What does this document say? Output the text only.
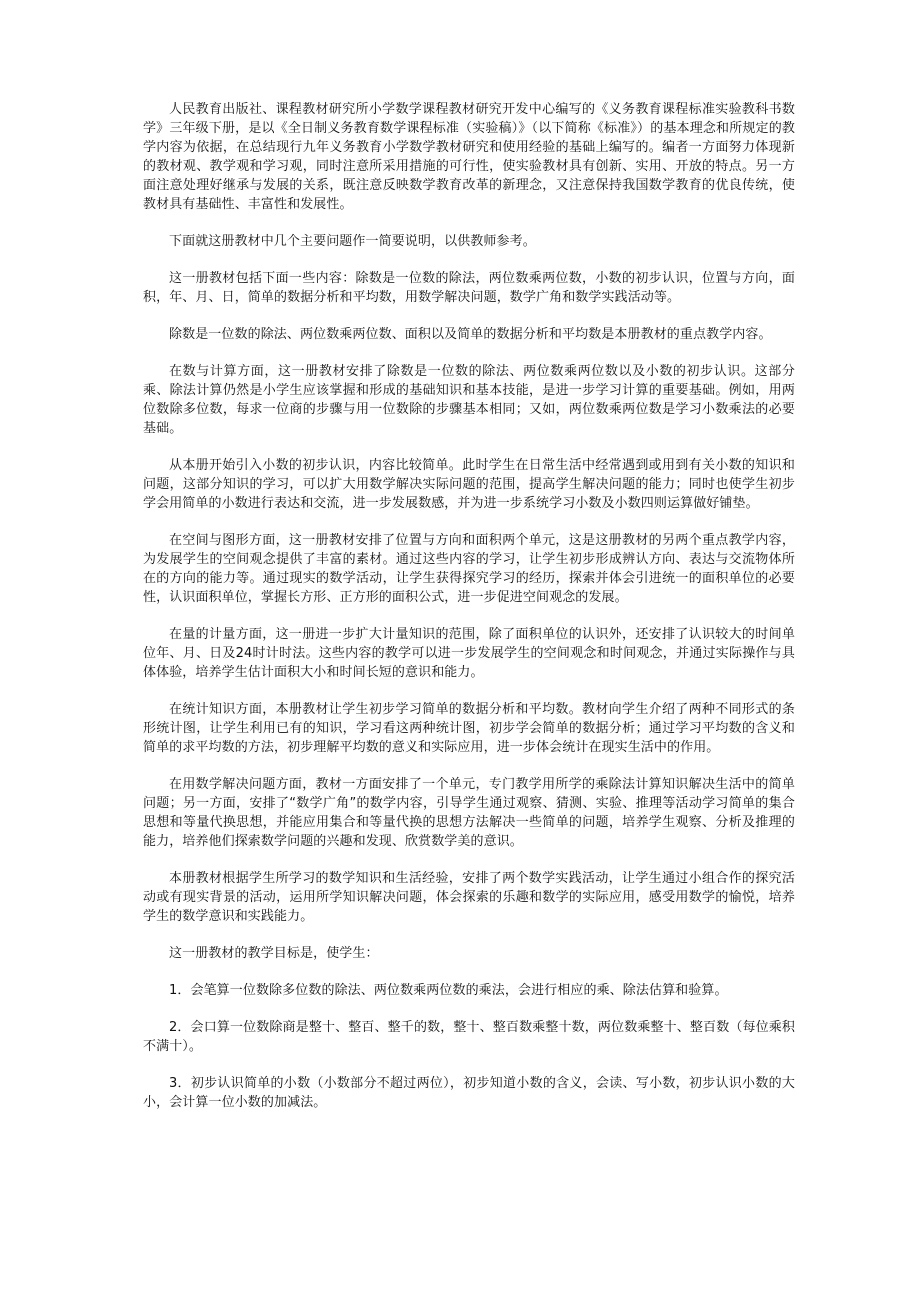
人民教育出版社、课程教材研究所小学数学课程教材研究开发中心编写的《义务教育课程标准实验教科书数学》三年级下册，是以《全日制义务教育数学课程标准（实验稿）》（以下简称《标准》）的基本理念和所规定的教学内容为依据，在总结现行九年义务教育小学数学教材研究和使用经验的基础上编写的。编者一方面努力体现新的教材观、教学观和学习观，同时注意所采用措施的可行性，使实验教材具有创新、实用、开放的特点。另一方面注意处理好继承与发展的关系，既注意反映数学教育改革的新理念，又注意保持我国数学教育的优良传统，使教材具有基础性、丰富性和发展性。

下面就这册教材中几个主要问题作一简要说明，以供教师参考。

这一册教材包括下面一些内容：除数是一位数的除法，两位数乘两位数，小数的初步认识，位置与方向，面积，年、月、日，简单的数据分析和平均数，用数学解决问题，数学广角和数学实践活动等。

除数是一位数的除法、两位数乘两位数、面积以及简单的数据分析和平均数是本册教材的重点教学内容。

在数与计算方面，这一册教材安排了除数是一位数的除法、两位数乘两位数以及小数的初步认识。这部分乘、除法计算仍然是小学生应该掌握和形成的基础知识和基本技能，是进一步学习计算的重要基础。例如，用两位数除多位数，每求一位商的步骤与用一位数除的步骤基本相同；又如，两位数乘两位数是学习小数乘法的必要基础。

从本册开始引入小数的初步认识，内容比较简单。此时学生在日常生活中经常遇到或用到有关小数的知识和问题，这部分知识的学习，可以扩大用数学解决实际问题的范围，提高学生解决问题的能力；同时也使学生初步学会用简单的小数进行表达和交流，进一步发展数感，并为进一步系统学习小数及小数四则运算做好铺垫。

在空间与图形方面，这一册教材安排了位置与方向和面积两个单元，这是这册教材的另两个重点教学内容，为发展学生的空间观念提供了丰富的素材。通过这些内容的学习，让学生初步形成辨认方向、表达与交流物体所在的方向的能力等。通过现实的数学活动，让学生获得探究学习的经历，探索并体会引进统一的面积单位的必要性，认识面积单位，掌握长方形、正方形的面积公式，进一步促进空间观念的发展。

在量的计量方面，这一册进一步扩大计量知识的范围，除了面积单位的认识外，还安排了认识较大的时间单位年、月、日及24时计时法。这些内容的教学可以进一步发展学生的空间观念和时间观念，并通过实际操作与具体体验，培养学生估计面积大小和时间长短的意识和能力。

在统计知识方面，本册教材让学生初步学习简单的数据分析和平均数。教材向学生介绍了两种不同形式的条形统计图，让学生利用已有的知识，学习看这两种统计图，初步学会简单的数据分析；通过学习平均数的含义和简单的求平均数的方法，初步理解平均数的意义和实际应用，进一步体会统计在现实生活中的作用。

在用数学解决问题方面，教材一方面安排了一个单元，专门教学用所学的乘除法计算知识解决生活中的简单问题；另一方面，安排了“数学广角”的数学内容，引导学生通过观察、猜测、实验、推理等活动学习简单的集合思想和等量代换思想，并能应用集合和等量代换的思想方法解决一些简单的问题，培养学生观察、分析及推理的能力，培养他们探索数学问题的兴趣和发现、欣赏数学美的意识。

本册教材根据学生所学习的数学知识和生活经验，安排了两个数学实践活动，让学生通过小组合作的探究活动或有现实背景的活动，运用所学知识解决问题，体会探索的乐趣和数学的实际应用，感受用数学的愉悦，培养学生的数学意识和实践能力。

这一册教材的教学目标是，使学生：

1．会笔算一位数除多位数的除法、两位数乘两位数的乘法，会进行相应的乘、除法估算和验算。

2．会口算一位数除商是整十、整百、整千的数，整十、整百数乘整十数，两位数乘整十、整百数（每位乘积不满十）。

3．初步认识简单的小数（小数部分不超过两位），初步知道小数的含义，会读、写小数，初步认识小数的大小，会计算一位小数的加减法。
